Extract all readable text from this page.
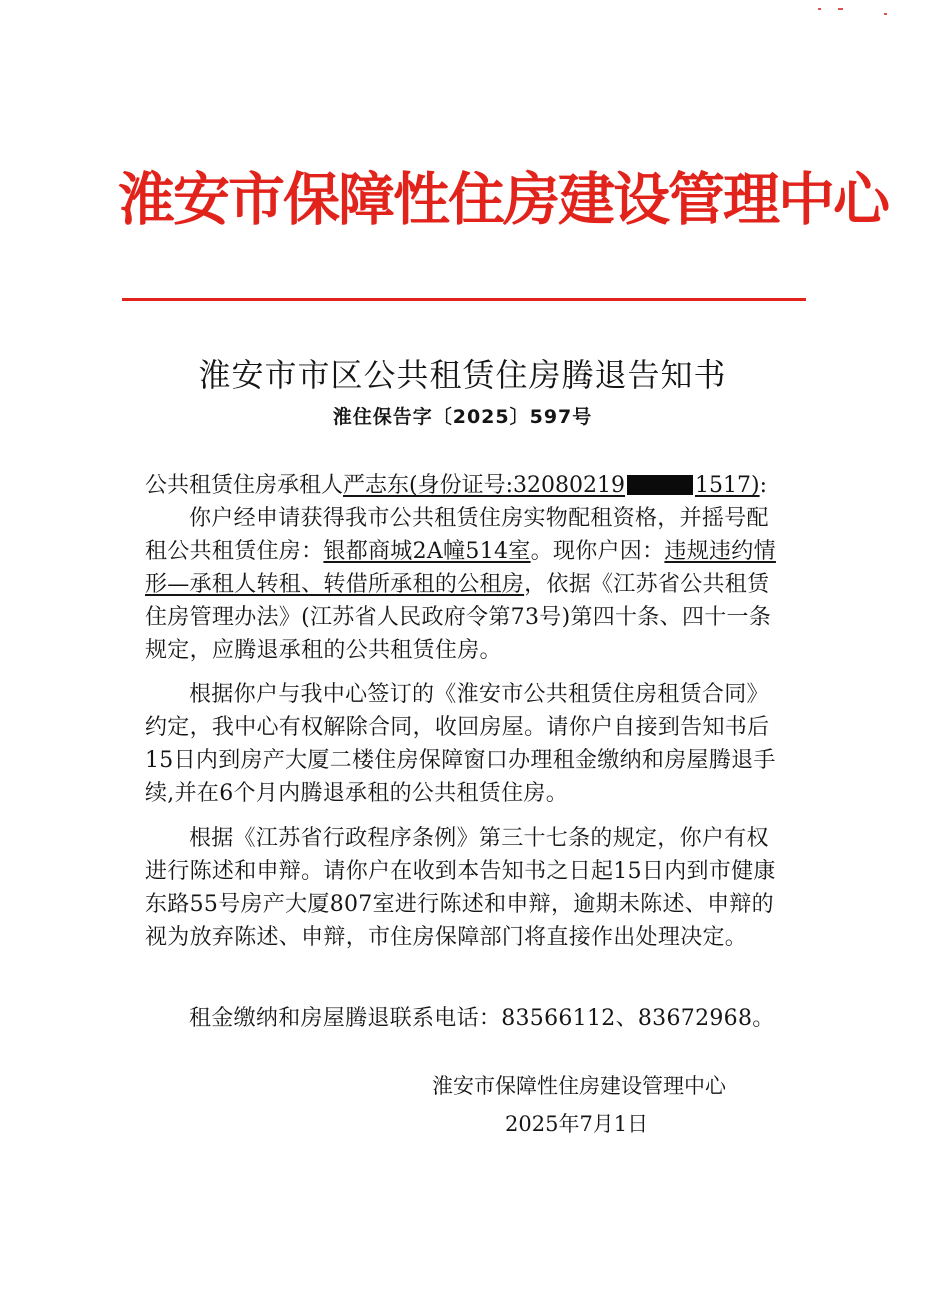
淮安市保障性住房建设管理中心
淮安市市区公共租赁住房腾退告知书
淮住保告字〔2025〕597号
公共租赁住房承租人严志东(身份证号:32080219	1517):
你户经申请获得我市公共租赁住房实物配租资格，并摇号配租公共租赁住房：银都商城2A幢514室。现你户因：违规违约情形—承租人转租、转借所承租的公租房，依据《江苏省公共租赁住房管理办法》(江苏省人民政府令第73号)第四十条、四十一条规定，应腾退承租的公共租赁住房。
根据你户与我中心签订的《淮安市公共租赁住房租赁合同》约定，我中心有权解除合同，收回房屋。请你户自接到告知书后15日内到房产大厦二楼住房保障窗口办理租金缴纳和房屋腾退手续,并在6个月内腾退承租的公共租赁住房。
根据《江苏省行政程序条例》第三十七条的规定，你户有权进行陈述和申辩。请你户在收到本告知书之日起15日内到市健康东路55号房产大厦807室进行陈述和申辩，逾期未陈述、申辩的视为放弃陈述、申辩，市住房保障部门将直接作出处理决定。
租金缴纳和房屋腾退联系电话：83566112、83672968。
淮安市保障性住房建设管理中心
2025年7月1日
